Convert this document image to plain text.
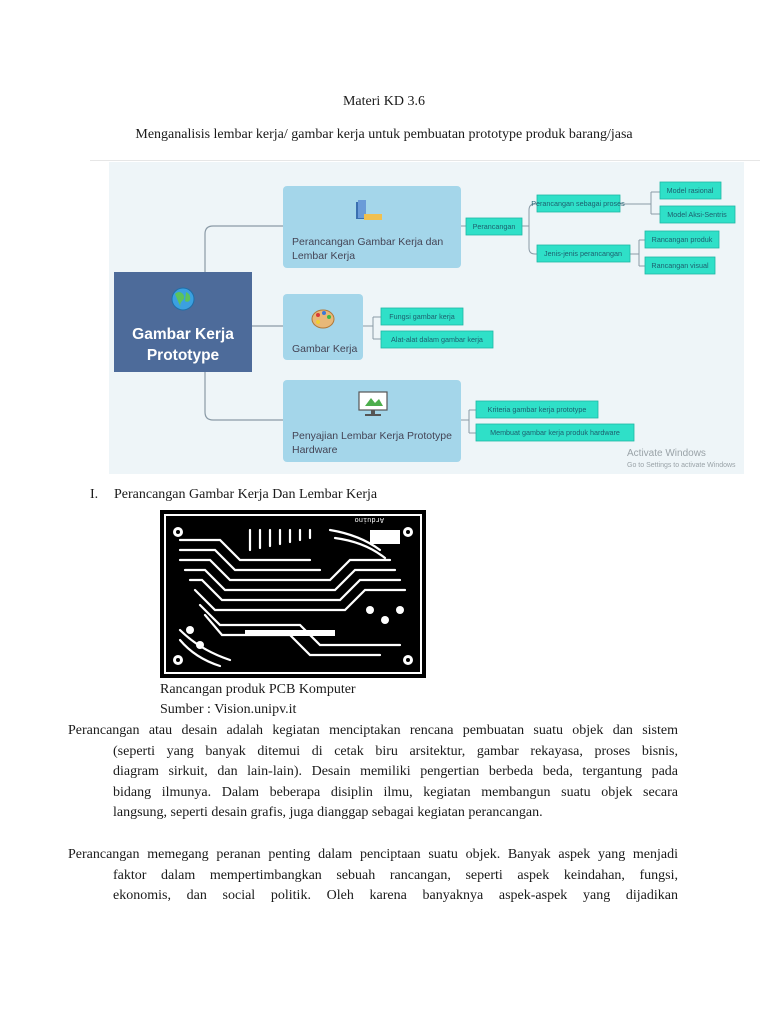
Materi KD 3.6
Menganalisis lembar kerja/ gambar kerja untuk pembuatan prototype produk barang/jasa
Gambar Kerja
Prototype
Perancangan Gambar Kerja dan
Lembar Kerja
Gambar Kerja
Penyajian Lembar Kerja Prototype
Hardware
Perancangan
Perancangan sebagai proses
Jenis-jenis perancangan
Model rasional
Model Aksi-Sentris
Rancangan produk
Rancangan visual
Fungsi gambar kerja
Alat-alat dalam gambar kerja
Kriteria gambar kerja prototype
Membuat gambar kerja produk hardware
Activate Windows
Go to Settings to activate Windows
I. Perancangan Gambar Kerja Dan Lembar Kerja
Arduino
Rancangan produk PCB Komputer
Sumber : Vision.unipv.it
Perancangan atau desain adalah kegiatan menciptakan rencana pembuatan suatu objek dan sistem
(seperti yang banyak ditemui di cetak biru arsitektur, gambar rekayasa, proses bisnis,
diagram sirkuit, dan lain-lain). Desain memiliki pengertian berbeda beda, tergantung pada
bidang ilmunya. Dalam beberapa disiplin ilmu, kegiatan membangun suatu objek secara
langsung, seperti desain grafis, juga dianggap sebagai kegiatan perancangan.
Perancangan memegang peranan penting dalam penciptaan suatu objek. Banyak aspek yang menjadi
faktor dalam mempertimbangkan sebuah rancangan, seperti aspek keindahan, fungsi,
ekonomis, dan social politik. Oleh karena banyaknya aspek-aspek yang dijadikan
